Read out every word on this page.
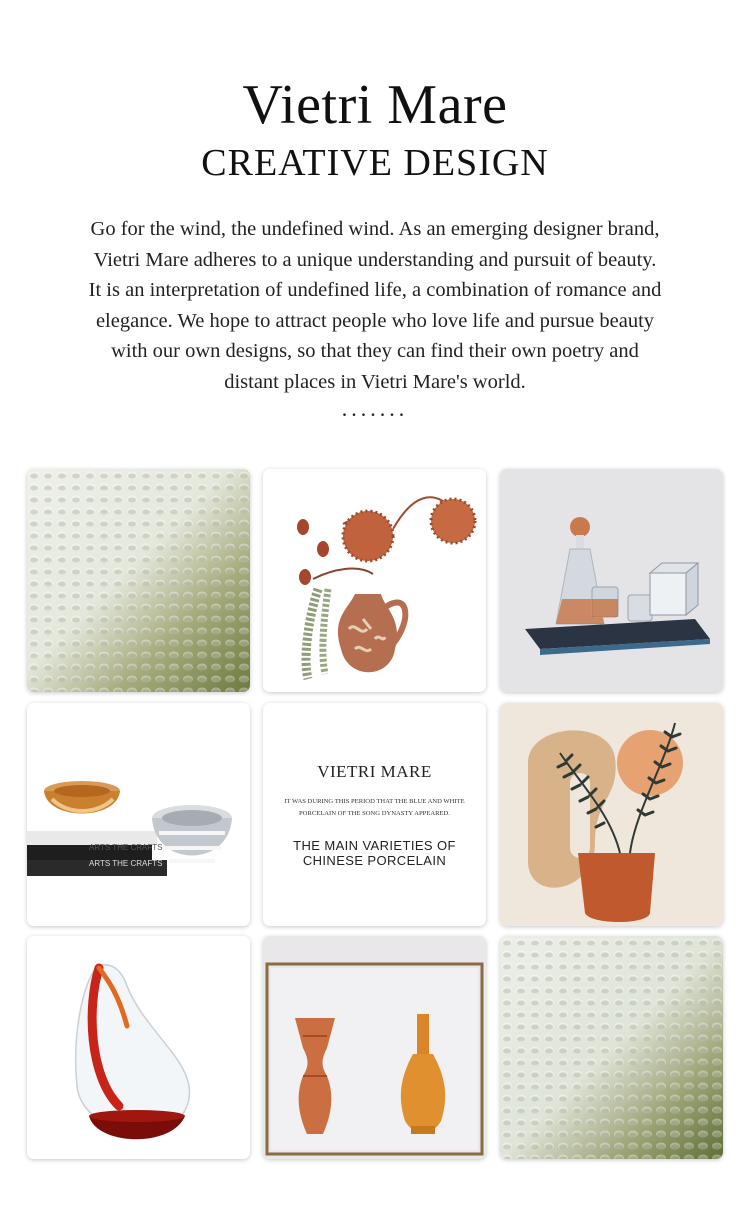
Vietri Mare
CREATIVE DESIGN

Go for the wind, the undefined wind. As an emerging designer brand, Vietri Mare adheres to a unique understanding and pursuit of beauty. It is an interpretation of undefined life, a combination of romance and elegance. We hope to attract people who love life and pursue beauty with our own designs, so that they can find their own poetry and distant places in Vietri Mare's world.

.......
ARTS THE CRAFTS
ARTS THE CRAFTS
VIETRI MARE
IT WAS DURING THIS PERIOD THAT THE BLUE AND WHITE PORCELAIN OF THE SONG DYNASTY APPEARED.
THE MAIN VARIETIES OF CHINESE PORCELAIN
